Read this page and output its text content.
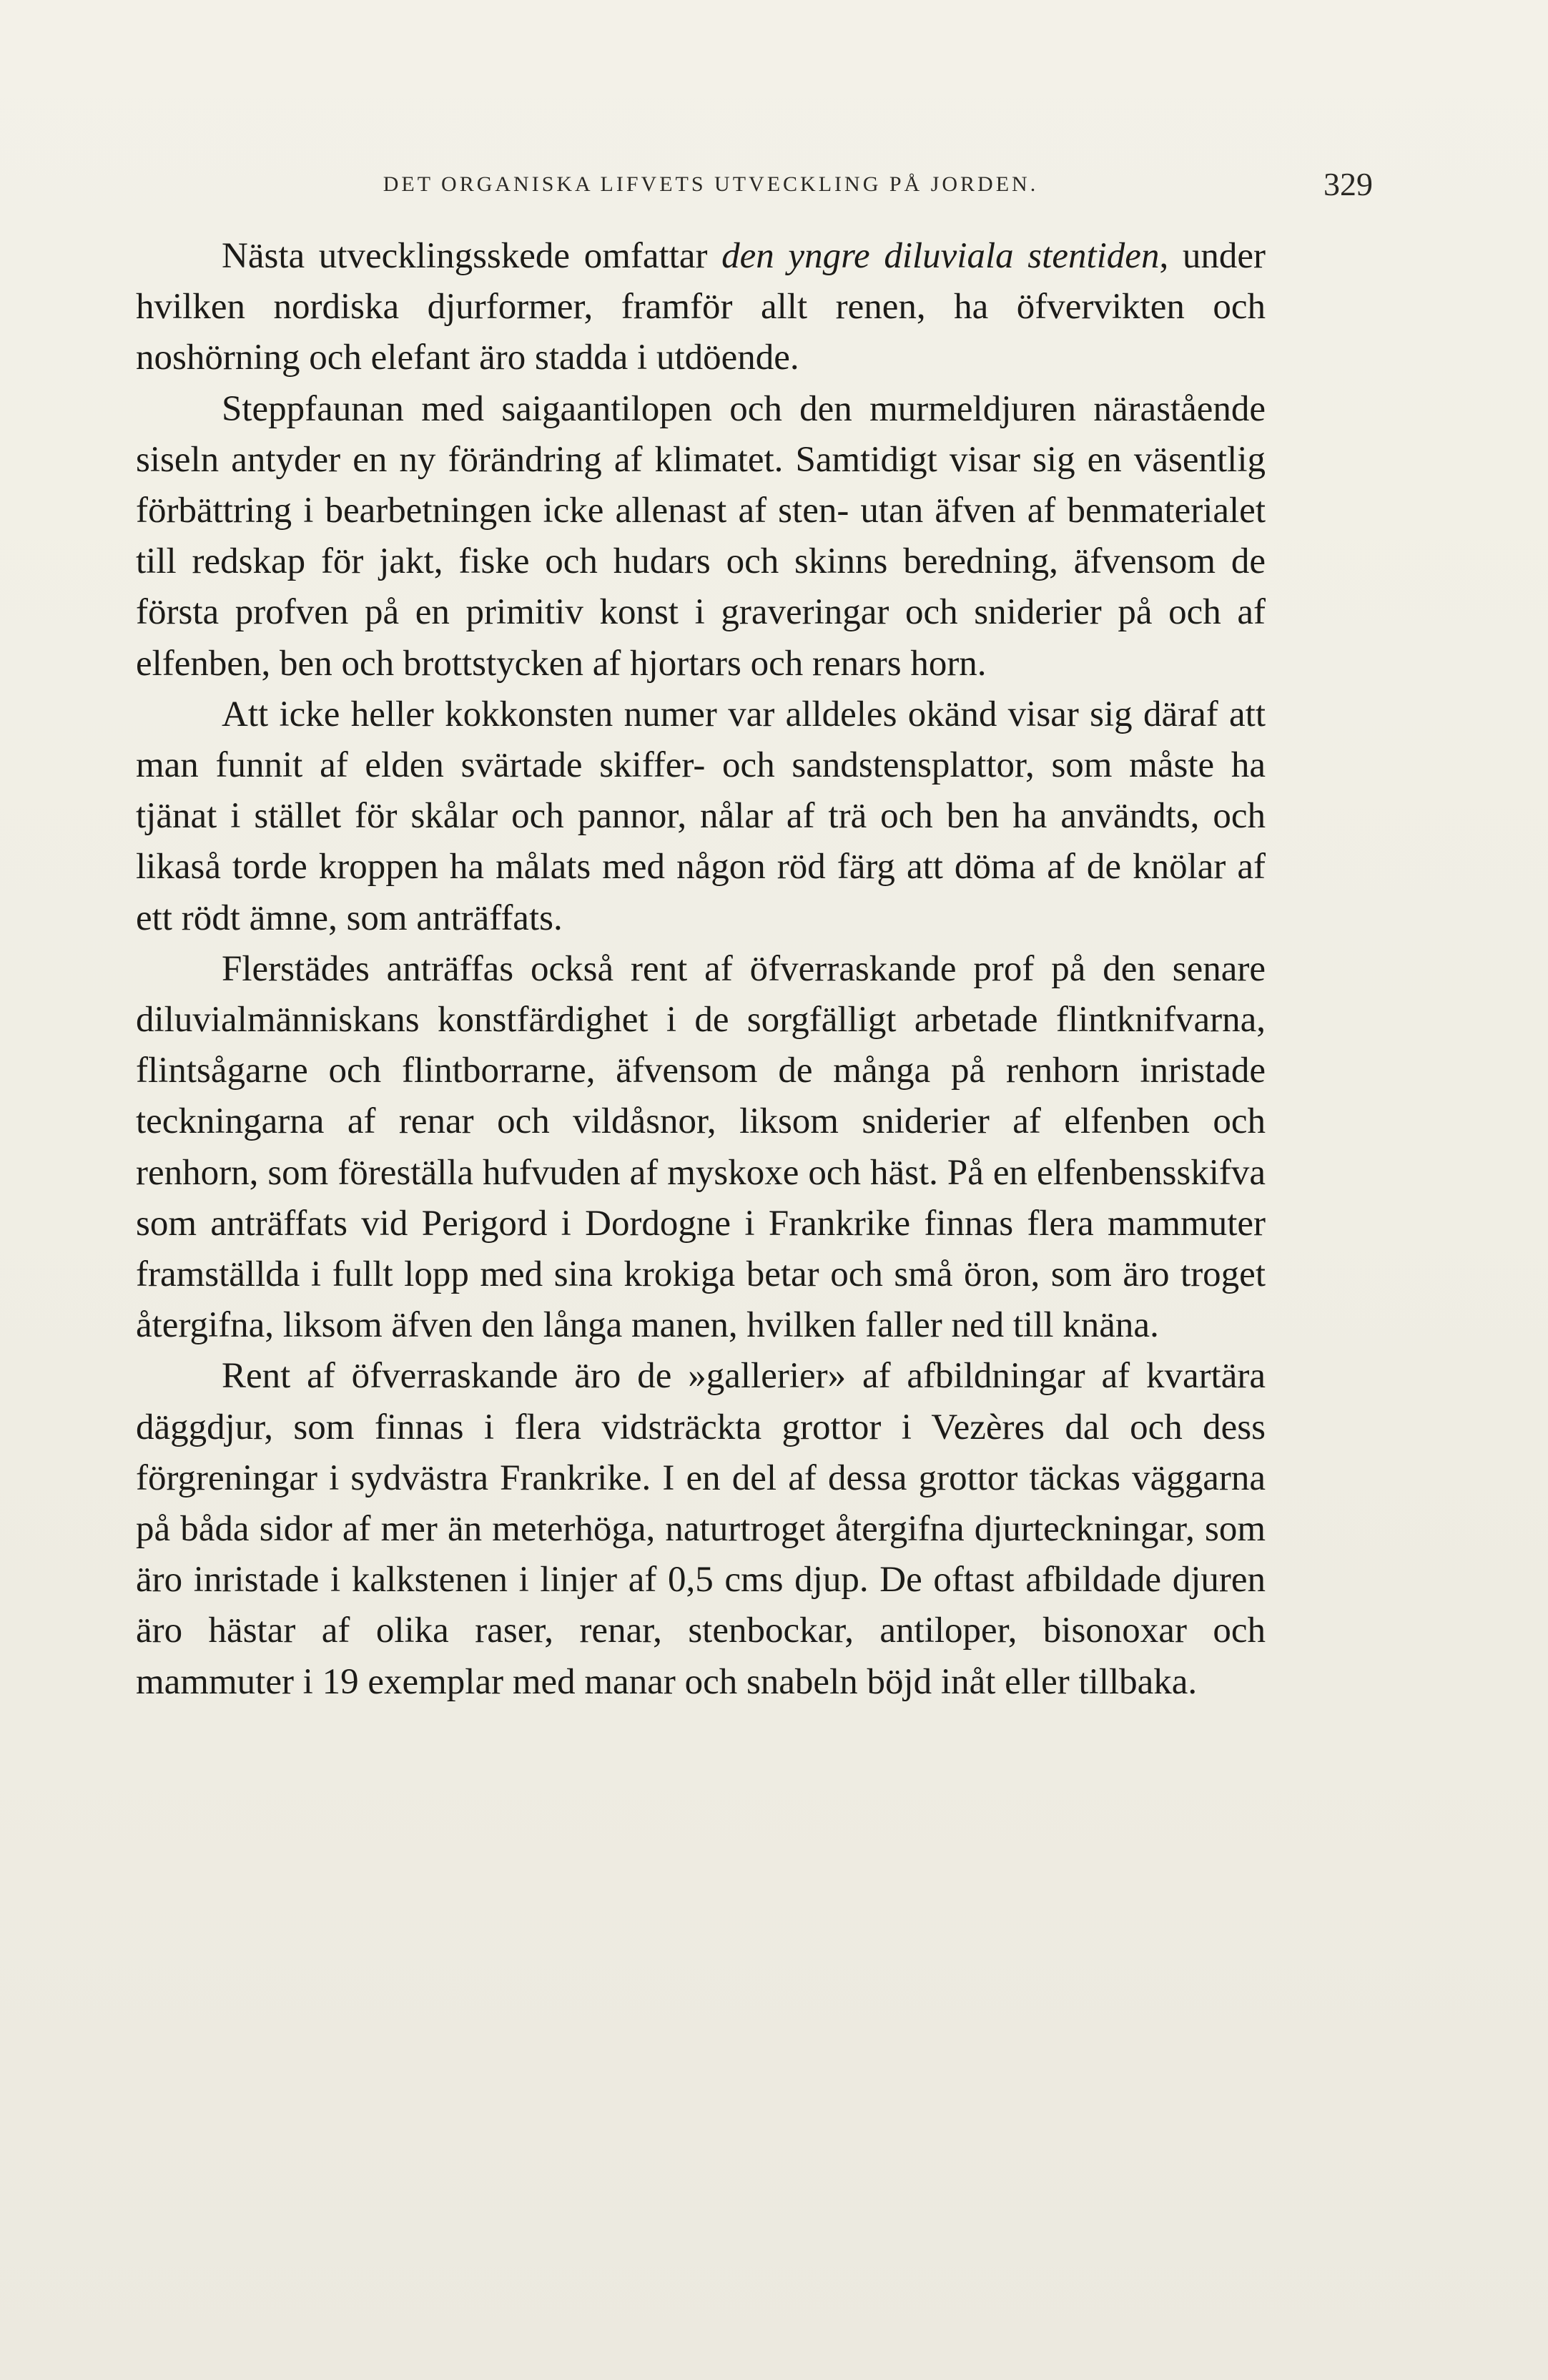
DET ORGANISKA LIFVETS UTVECKLING PÅ JORDEN.	329

Nästa utvecklingsskede omfattar den yngre diluviala stentiden, under hvilken nordiska djurformer, framför allt renen, ha öfvervikten och noshörning och elefant äro stadda i utdöende.

Steppfaunan med saigaantilopen och den murmeldjuren närastående siseln antyder en ny förändring af klimatet. Samtidigt visar sig en väsentlig förbättring i bearbetningen icke allenast af sten- utan äfven af benmaterialet till redskap för jakt, fiske och hudars och skinns beredning, äfvensom de första profven på en primitiv konst i graveringar och sniderier på och af elfenben, ben och brottstycken af hjortars och renars horn.

Att icke heller kokkonsten numer var alldeles okänd visar sig däraf att man funnit af elden svärtade skiffer- och sandstensplattor, som måste ha tjänat i stället för skålar och pannor, nålar af trä och ben ha användts, och likaså torde kroppen ha målats med någon röd färg att döma af de knölar af ett rödt ämne, som anträffats.

Flerstädes anträffas också rent af öfverraskande prof på den senare diluvialmänniskans konstfärdighet i de sorgfälligt arbetade flintknifvarna, flintsågarne och flintborrarne, äfvensom de många på renhorn inristade teckningarna af renar och vildåsnor, liksom sniderier af elfenben och renhorn, som föreställa hufvuden af myskoxe och häst. På en elfenbensskifva som anträffats vid Perigord i Dordogne i Frankrike finnas flera mammuter framställda i fullt lopp med sina krokiga betar och små öron, som äro troget återgifna, liksom äfven den långa manen, hvilken faller ned till knäna.

Rent af öfverraskande äro de »gallerier» af afbildningar af kvartära däggdjur, som finnas i flera vidsträckta grottor i Vezères dal och dess förgreningar i sydvästra Frankrike. I en del af dessa grottor täckas väggarna på båda sidor af mer än meterhöga, naturtroget återgifna djurteckningar, som äro inristade i kalkstenen i linjer af 0,5 cms djup. De oftast afbildade djuren äro hästar af olika raser, renar, stenbockar, antiloper, bisonoxar och mammuter i 19 exemplar med manar och snabeln böjd inåt eller tillbaka.
